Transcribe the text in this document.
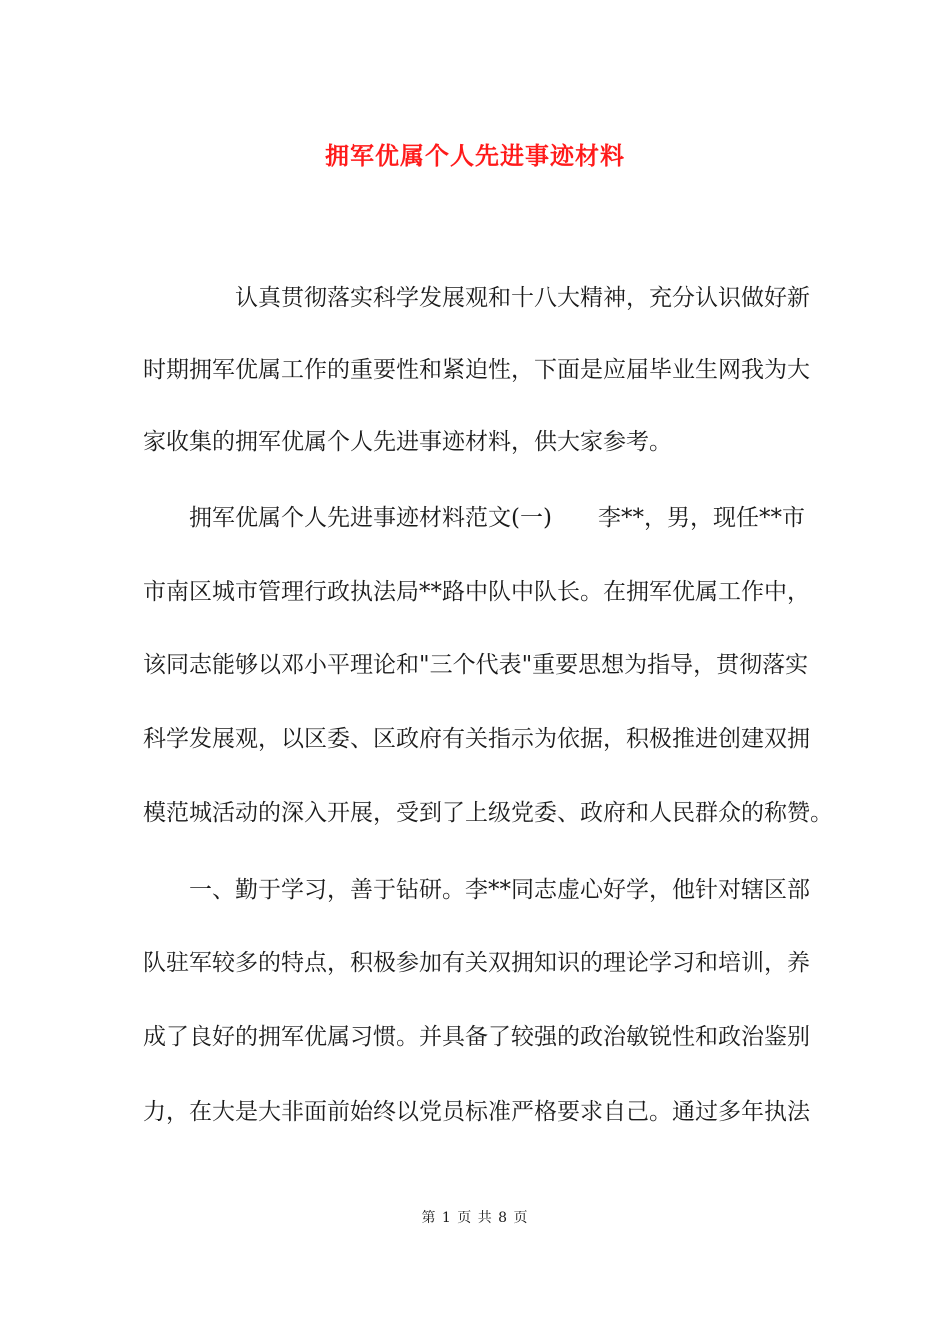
拥军优属个人先进事迹材料
认真贯彻落实科学发展观和十八大精神，充分认识做好新
时期拥军优属工作的重要性和紧迫性，下面是应届毕业生网我为大
家收集的拥军优属个人先进事迹材料，供大家参考。
拥军优属个人先进事迹材料范文(一)　　李**，男，现任**市
市南区城市管理行政执法局**路中队中队长。在拥军优属工作中，
该同志能够以邓小平理论和"三个代表"重要思想为指导，贯彻落实
科学发展观，以区委、区政府有关指示为依据，积极推进创建双拥
模范城活动的深入开展，受到了上级党委、政府和人民群众的称赞。
一、勤于学习，善于钻研。李**同志虚心好学，他针对辖区部
队驻军较多的特点，积极参加有关双拥知识的理论学习和培训，养
成了良好的拥军优属习惯。并具备了较强的政治敏锐性和政治鉴别
力，在大是大非面前始终以党员标准严格要求自己。通过多年执法
第 1 页 共 8 页
